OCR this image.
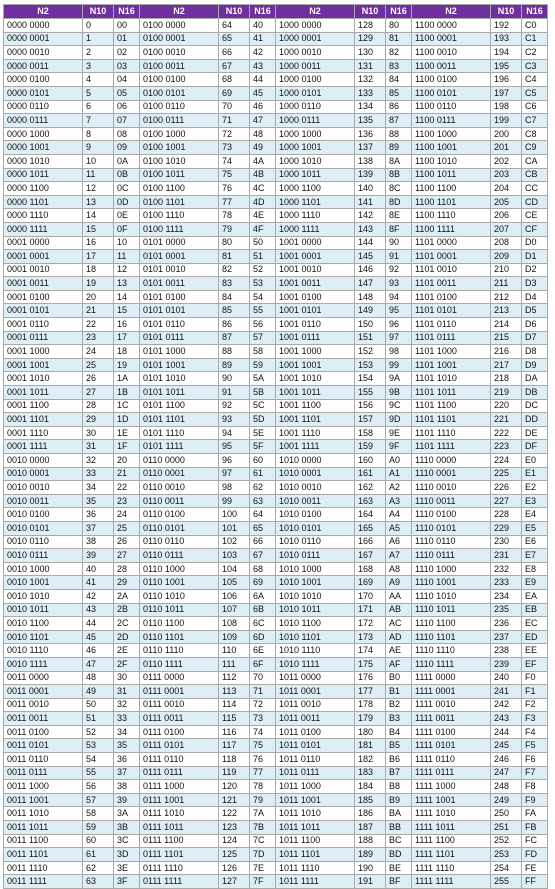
N2	N10	N16	N2	N10	N16	N2	N10	N16	N2	N10	N16
0000 0000	0	00	0100 0000	64	40	1000 0000	128	80	1100 0000	192	C0
0000 0001	1	01	0100 0001	65	41	1000 0001	129	81	1100 0001	193	C1
0000 0010	2	02	0100 0010	66	42	1000 0010	130	82	1100 0010	194	C2
0000 0011	3	03	0100 0011	67	43	1000 0011	131	83	1100 0011	195	C3
0000 0100	4	04	0100 0100	68	44	1000 0100	132	84	1100 0100	196	C4
0000 0101	5	05	0100 0101	69	45	1000 0101	133	85	1100 0101	197	C5
0000 0110	6	06	0100 0110	70	46	1000 0110	134	86	1100 0110	198	C6
0000 0111	7	07	0100 0111	71	47	1000 0111	135	87	1100 0111	199	C7
0000 1000	8	08	0100 1000	72	48	1000 1000	136	88	1100 1000	200	C8
0000 1001	9	09	0100 1001	73	49	1000 1001	137	89	1100 1001	201	C9
0000 1010	10	0A	0100 1010	74	4A	1000 1010	138	8A	1100 1010	202	CA
0000 1011	11	0B	0100 1011	75	4B	1000 1011	139	8B	1100 1011	203	CB
0000 1100	12	0C	0100 1100	76	4C	1000 1100	140	8C	1100 1100	204	CC
0000 1101	13	0D	0100 1101	77	4D	1000 1101	141	8D	1100 1101	205	CD
0000 1110	14	0E	0100 1110	78	4E	1000 1110	142	8E	1100 1110	206	CE
0000 1111	15	0F	0100 1111	79	4F	1000 1111	143	8F	1100 1111	207	CF
0001 0000	16	10	0101 0000	80	50	1001 0000	144	90	1101 0000	208	D0
0001 0001	17	11	0101 0001	81	51	1001 0001	145	91	1101 0001	209	D1
0001 0010	18	12	0101 0010	82	52	1001 0010	146	92	1101 0010	210	D2
0001 0011	19	13	0101 0011	83	53	1001 0011	147	93	1101 0011	211	D3
0001 0100	20	14	0101 0100	84	54	1001 0100	148	94	1101 0100	212	D4
0001 0101	21	15	0101 0101	85	55	1001 0101	149	95	1101 0101	213	D5
0001 0110	22	16	0101 0110	86	56	1001 0110	150	96	1101 0110	214	D6
0001 0111	23	17	0101 0111	87	57	1001 0111	151	97	1101 0111	215	D7
0001 1000	24	18	0101 1000	88	58	1001 1000	152	98	1101 1000	216	D8
0001 1001	25	19	0101 1001	89	59	1001 1001	153	99	1101 1001	217	D9
0001 1010	26	1A	0101 1010	90	5A	1001 1010	154	9A	1101 1010	218	DA
0001 1011	27	1B	0101 1011	91	5B	1001 1011	155	9B	1101 1011	219	DB
0001 1100	28	1C	0101 1100	92	5C	1001 1100	156	9C	1101 1100	220	DC
0001 1101	29	1D	0101 1101	93	5D	1001 1101	157	9D	1101 1101	221	DD
0001 1110	30	1E	0101 1110	94	5E	1001 1110	158	9E	1101 1110	222	DE
0001 1111	31	1F	0101 1111	95	5F	1001 1111	159	9F	1101 1111	223	DF
0010 0000	32	20	0110 0000	96	60	1010 0000	160	A0	1110 0000	224	E0
0010 0001	33	21	0110 0001	97	61	1010 0001	161	A1	1110 0001	225	E1
0010 0010	34	22	0110 0010	98	62	1010 0010	162	A2	1110 0010	226	E2
0010 0011	35	23	0110 0011	99	63	1010 0011	163	A3	1110 0011	227	E3
0010 0100	36	24	0110 0100	100	64	1010 0100	164	A4	1110 0100	228	E4
0010 0101	37	25	0110 0101	101	65	1010 0101	165	A5	1110 0101	229	E5
0010 0110	38	26	0110 0110	102	66	1010 0110	166	A6	1110 0110	230	E6
0010 0111	39	27	0110 0111	103	67	1010 0111	167	A7	1110 0111	231	E7
0010 1000	40	28	0110 1000	104	68	1010 1000	168	A8	1110 1000	232	E8
0010 1001	41	29	0110 1001	105	69	1010 1001	169	A9	1110 1001	233	E9
0010 1010	42	2A	0110 1010	106	6A	1010 1010	170	AA	1110 1010	234	EA
0010 1011	43	2B	0110 1011	107	6B	1010 1011	171	AB	1110 1011	235	EB
0010 1100	44	2C	0110 1100	108	6C	1010 1100	172	AC	1110 1100	236	EC
0010 1101	45	2D	0110 1101	109	6D	1010 1101	173	AD	1110 1101	237	ED
0010 1110	46	2E	0110 1110	110	6E	1010 1110	174	AE	1110 1110	238	EE
0010 1111	47	2F	0110 1111	111	6F	1010 1111	175	AF	1110 1111	239	EF
0011 0000	48	30	0111 0000	112	70	1011 0000	176	B0	1111 0000	240	F0
0011 0001	49	31	0111 0001	113	71	1011 0001	177	B1	1111 0001	241	F1
0011 0010	50	32	0111 0010	114	72	1011 0010	178	B2	1111 0010	242	F2
0011 0011	51	33	0111 0011	115	73	1011 0011	179	B3	1111 0011	243	F3
0011 0100	52	34	0111 0100	116	74	1011 0100	180	B4	1111 0100	244	F4
0011 0101	53	35	0111 0101	117	75	1011 0101	181	B5	1111 0101	245	F5
0011 0110	54	36	0111 0110	118	76	1011 0110	182	B6	1111 0110	246	F6
0011 0111	55	37	0111 0111	119	77	1011 0111	183	B7	1111 0111	247	F7
0011 1000	56	38	0111 1000	120	78	1011 1000	184	B8	1111 1000	248	F8
0011 1001	57	39	0111 1001	121	79	1011 1001	185	B9	1111 1001	249	F9
0011 1010	58	3A	0111 1010	122	7A	1011 1010	186	BA	1111 1010	250	FA
0011 1011	59	3B	0111 1011	123	7B	1011 1011	187	BB	1111 1011	251	FB
0011 1100	60	3C	0111 1100	124	7C	1011 1100	188	BC	1111 1100	252	FC
0011 1101	61	3D	0111 1101	125	7D	1011 1101	189	BD	1111 1101	253	FD
0011 1110	62	3E	0111 1110	126	7E	1011 1110	190	BE	1111 1110	254	FE
0011 1111	63	3F	0111 1111	127	7F	1011 1111	191	BF	1111 1111	255	FF
